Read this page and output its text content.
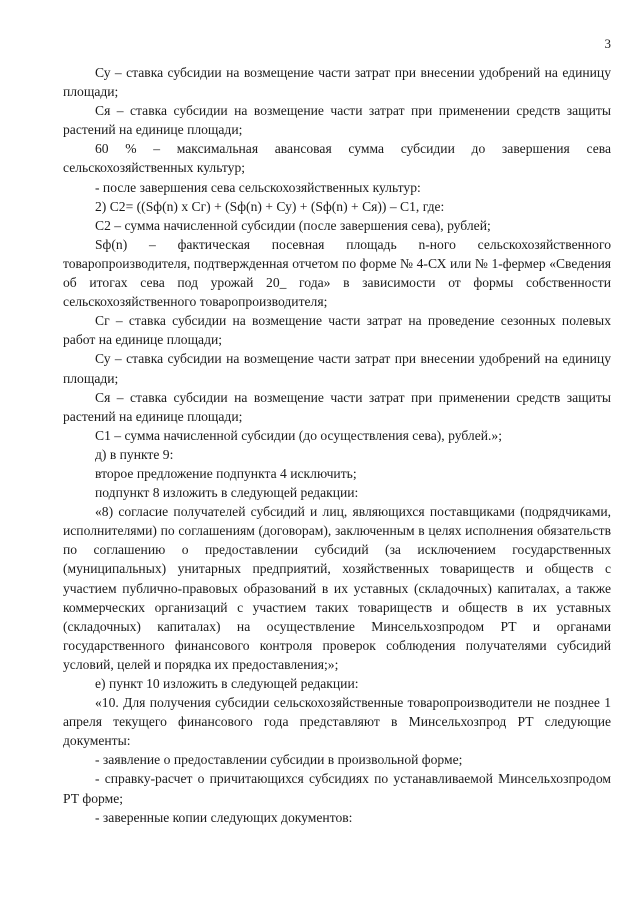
3

Су – ставка субсидии на возмещение части затрат при внесении удобрений на единицу площади;

Ся – ставка субсидии на возмещение части затрат при применении средств защиты растений на единице площади;

60 % – максимальная авансовая сумма субсидии до завершения сева сельскохозяйственных культур;

- после завершения сева сельскохозяйственных культур:

2) С2= ((Sф(n) х Сг) + (Sф(n) + Су) + (Sф(n) + Ся)) – С1, где:

С2 – сумма начисленной субсидии (после завершения сева), рублей;

Sф(n) – фактическая посевная площадь n-ного сельскохозяйственного товаропроизводителя, подтвержденная отчетом по форме № 4-СХ или № 1-фермер «Сведения об итогах сева под урожай 20_ года» в зависимости от формы собственности сельскохозяйственного товаропроизводителя;

Сг – ставка субсидии на возмещение части затрат на проведение сезонных полевых работ на единице площади;

Су – ставка субсидии на возмещение части затрат при внесении удобрений на единицу площади;

Ся – ставка субсидии на возмещение части затрат при применении средств защиты растений на единице площади;

С1 – сумма начисленной субсидии (до осуществления сева), рублей.»;

д) в пункте 9:

второе предложение подпункта 4 исключить;

подпункт 8 изложить в следующей редакции:

«8) согласие получателей субсидий и лиц, являющихся поставщиками (подрядчиками, исполнителями) по соглашениям (договорам), заключенным в целях исполнения обязательств по соглашению о предоставлении субсидий (за исключением государственных (муниципальных) унитарных предприятий, хозяйственных товариществ и обществ с участием публично-правовых образований в их уставных (складочных) капиталах, а также коммерческих организаций с участием таких товариществ и обществ в их уставных (складочных) капиталах) на осуществление Минсельхозпродом РТ и органами государственного финансового контроля проверок соблюдения получателями субсидий условий, целей и порядка их предоставления;»;

е) пункт 10 изложить в следующей редакции:

«10. Для получения субсидии сельскохозяйственные товаропроизводители не позднее 1 апреля текущего финансового года представляют в Минсельхозпрод РТ следующие документы:

- заявление о предоставлении субсидии в произвольной форме;

- справку-расчет о причитающихся субсидиях по устанавливаемой Минсельхозпродом РТ форме;

- заверенные копии следующих документов:
